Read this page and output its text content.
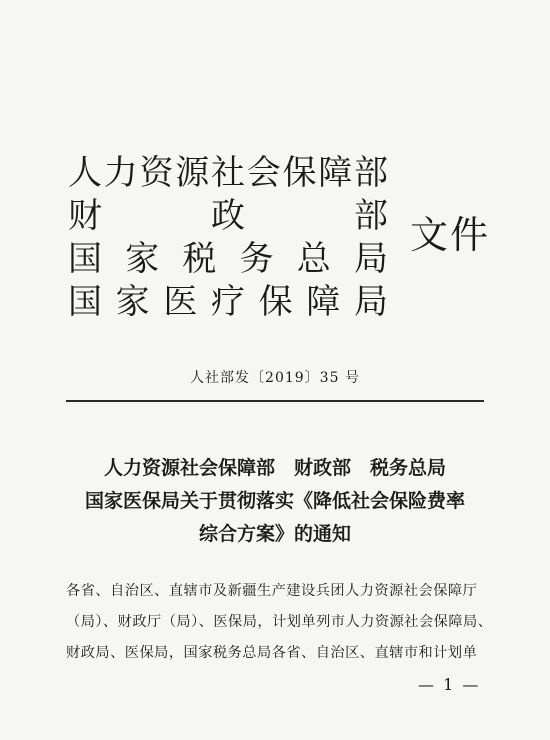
人 力 资 源 社 会 保 障 部
财	政	部
国 家 税 务 总 局
国 家 医 疗 保 障 局
文件
人社部发〔2019〕35 号
人力资源社会保障部　财政部　税务总局
国家医保局关于贯彻落实《降低社会保险费率
综合方案》的通知
各省、自治区、直辖市及新疆生产建设兵团人力资源社会保障厅
（局）、财政厅（局）、医保局，计划单列市人力资源社会保障局、
财政局、医保局，国家税务总局各省、自治区、直辖市和计划单
— 1 —
